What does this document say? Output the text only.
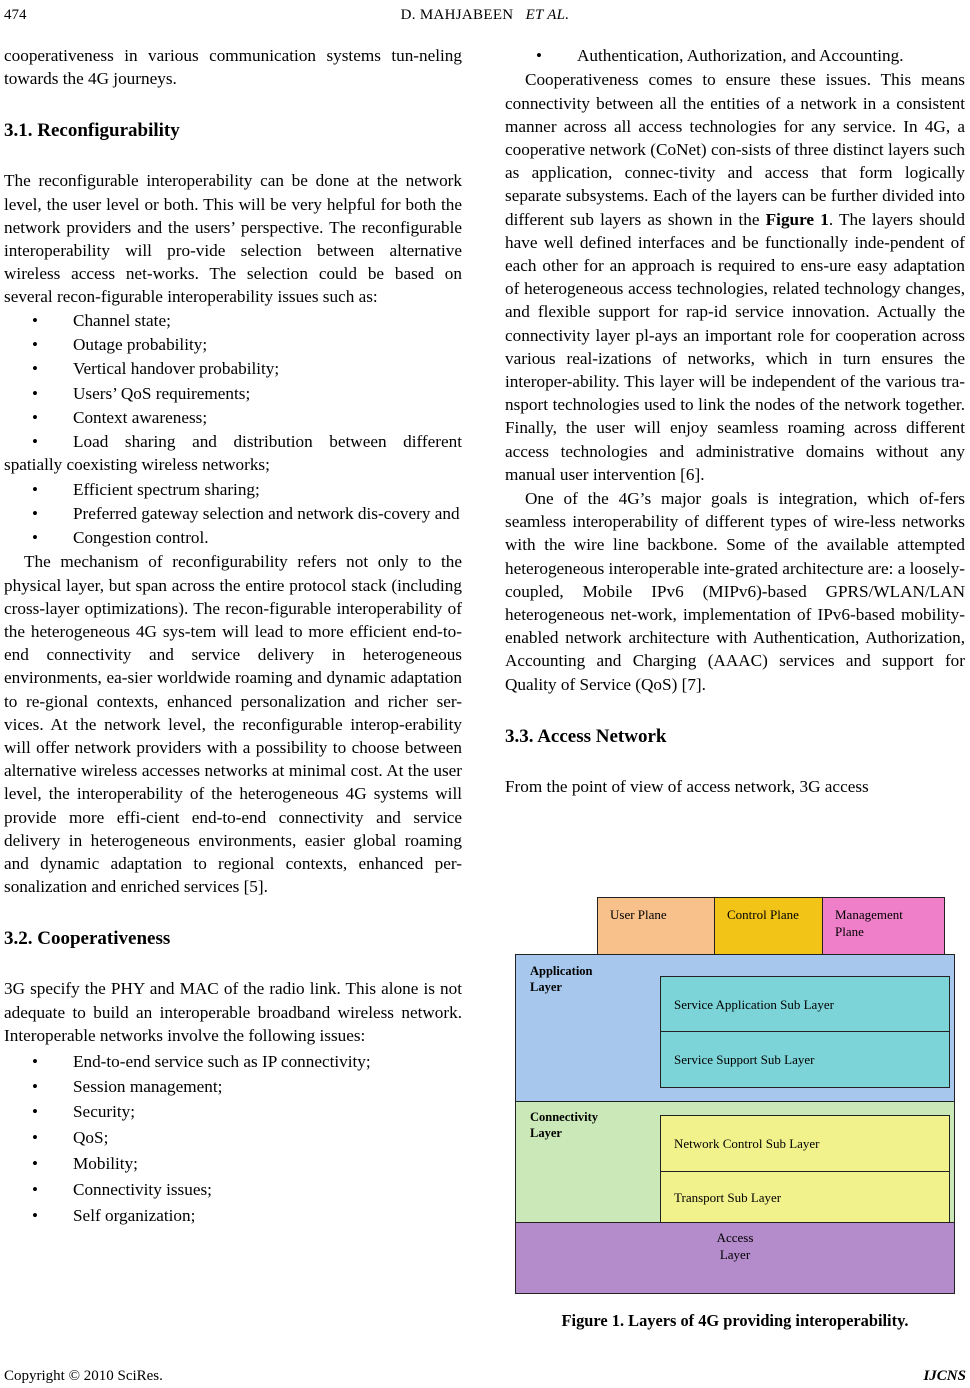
474	D. MAHJABEEN ET AL.

cooperativeness in various communication systems tun-neling towards the 4G journeys.

3.1. Reconfigurability

The reconfigurable interoperability can be done at the network level, the user level or both. This will be very helpful for both the network providers and the users’ perspective. The reconfigurable interoperability will pro-vide selection between alternative wireless access net-works. The selection could be based on several recon-figurable interoperability issues such as:

• Channel state;
• Outage probability;
• Vertical handover probability;
• Users’ QoS requirements;
• Context awareness;
• Load sharing and distribution between different spatially coexisting wireless networks;
• Efficient spectrum sharing;
• Preferred gateway selection and network dis-covery and
• Congestion control.

The mechanism of reconfigurability refers not only to the physical layer, but span across the entire protocol stack (including cross-layer optimizations). The recon-figurable interoperability of the heterogeneous 4G sys-tem will lead to more efficient end-to-end connectivity and service delivery in heterogeneous environments, ea-sier worldwide roaming and dynamic adaptation to re-gional contexts, enhanced personalization and richer ser-vices. At the network level, the reconfigurable interop-erability will offer network providers with a possibility to choose between alternative wireless accesses networks at minimal cost. At the user level, the interoperability of the heterogeneous 4G systems will provide more effi-cient end-to-end connectivity and service delivery in heterogeneous environments, easier global roaming and dynamic adaptation to regional contexts, enhanced per-sonalization and enriched services [5].

3.2. Cooperativeness

3G specify the PHY and MAC of the radio link. This alone is not adequate to build an interoperable broadband wireless network. Interoperable networks involve the following issues:

• End-to-end service such as IP connectivity;
• Session management;
• Security;
• QoS;
• Mobility;
• Connectivity issues;
• Self organization;
• Authentication, Authorization, and Accounting.

Cooperativeness comes to ensure these issues. This means connectivity between all the entities of a network in a consistent manner across all access technologies for any service. In 4G, a cooperative network (CoNet) con-sists of three distinct layers such as application, connec-tivity and access that form logically separate subsystems. Each of the layers can be further divided into different sub layers as shown in the Figure 1. The layers should have well defined interfaces and be functionally inde-pendent of each other for an approach is required to ens-ure easy adaptation of heterogeneous access technologies, related technology changes, and flexible support for rap-id service innovation. Actually the connectivity layer pl-ays an important role for cooperation across various real-izations of networks, which in turn ensures the interoper-ability. This layer will be independent of the various tra-nsport technologies used to link the nodes of the network together. Finally, the user will enjoy seamless roaming across different access technologies and administrative domains without any manual user intervention [6].

One of the 4G’s major goals is integration, which of-fers seamless interoperability of different types of wire-less networks with the wire line backbone. Some of the available attempted heterogeneous interoperable inte-grated architecture are: a loosely-coupled, Mobile IPv6 (MIPv6)-based GPRS/WLAN/LAN heterogeneous net-work, implementation of IPv6-based mobility-enabled network architecture with Authentication, Authorization, Accounting and Charging (AAAC) services and support for Quality of Service (QoS) [7].

3.3. Access Network

From the point of view of access network, 3G access

User Plane	Control Plane	Management Plane
Application Layer
Service Application Sub Layer
Service Support Sub Layer
Connectivity Layer
Network Control Sub Layer
Transport Sub Layer
Access Layer
Figure 1. Layers of 4G providing interoperability.
Copyright © 2010 SciRes.	IJCNS
